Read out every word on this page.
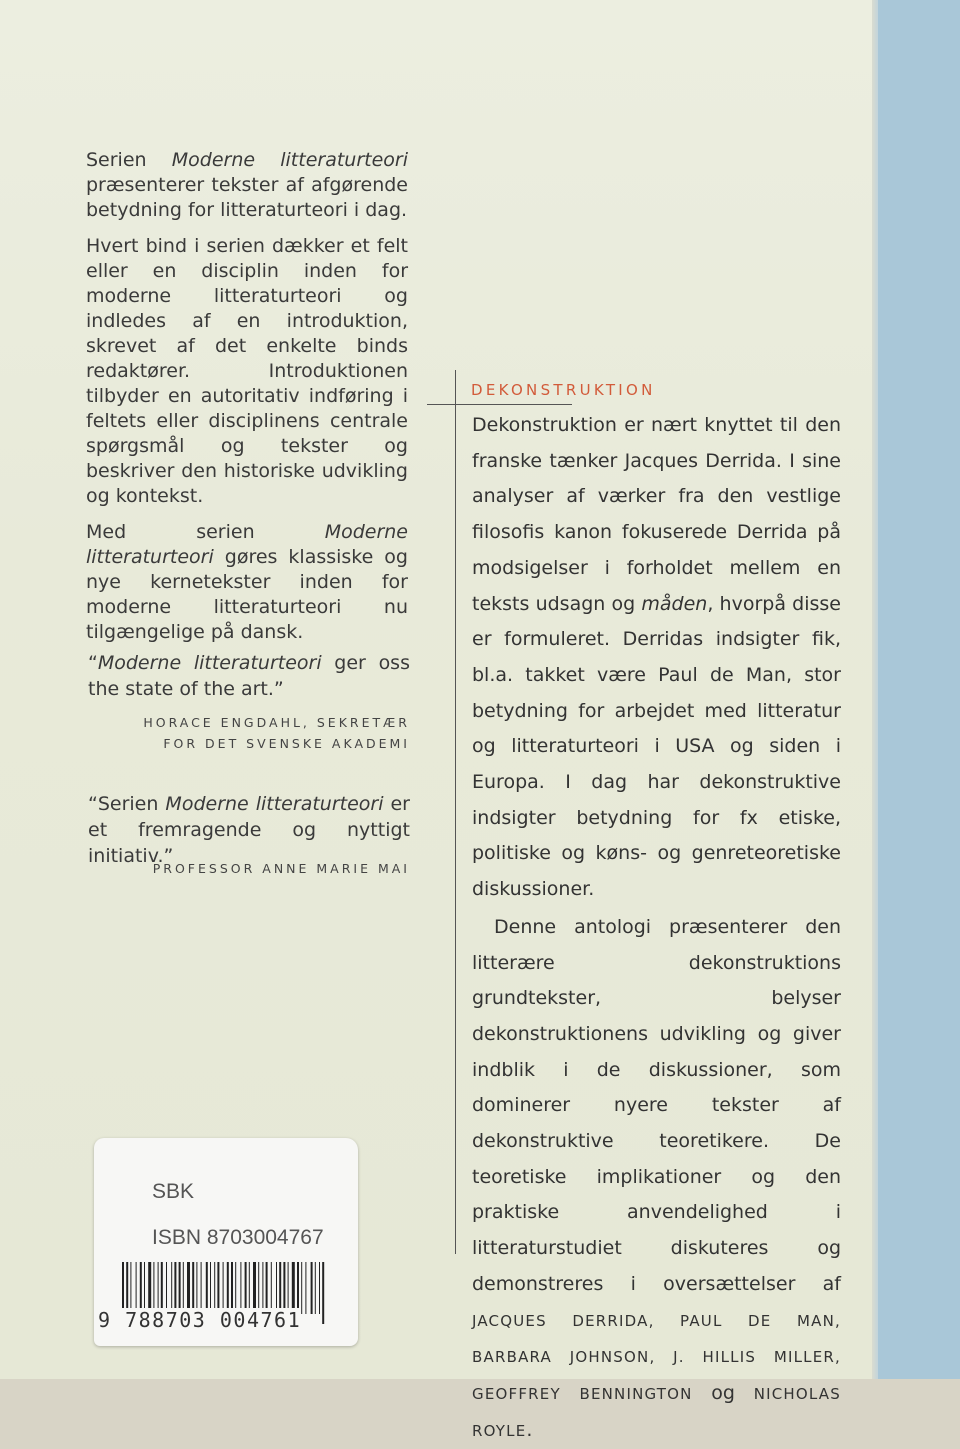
Serien Moderne litteraturteori præsenterer tekster af afgørende betydning for litteraturteori i dag.

Hvert bind i serien dækker et felt eller en disciplin inden for moderne litteraturteori og indledes af en introduktion, skrevet af det enkelte binds redaktører. Introduktionen tilbyder en autoritativ indføring i feltets eller disciplinens centrale spørgsmål og tekster og beskriver den historiske udvikling og kontekst.

Med serien Moderne litteraturteori gøres klassiske og nye kernetekster inden for moderne litteraturteori nu tilgængelige på dansk.

“Moderne litteraturteori ger oss the state of the art.”
HORACE ENGDAHL, SEKRETÆR
FOR DET SVENSKE AKADEMI
“Serien Moderne litteraturteori er et fremragende og nyttigt initiativ.”
PROFESSOR ANNE MARIE MAI
DEKONSTRUKTION

Dekonstruktion er nært knyttet til den franske tænker Jacques Derrida. I sine analyser af værker fra den vestlige filosofis kanon fokuserede Derrida på modsigelser i forholdet mellem en teksts udsagn og måden, hvorpå disse er formuleret. Derridas indsigter fik, bl.a. takket være Paul de Man, stor betydning for arbejdet med litteratur og litteraturteori i USA og siden i Europa. I dag har dekonstruktive indsigter betydning for fx etiske, politiske og køns- og genreteoretiske diskussioner.

Denne antologi præsenterer den litterære dekonstruktions grundtekster, belyser dekonstruktionens udvikling og giver indblik i de diskussioner, som dominerer nyere tekster af dekonstruktive teoretikere. De teoretiske implikationer og den praktiske anvendelighed i litteraturstudiet diskuteres og demonstreres i oversættelser af JACQUES DERRIDA, PAUL DE MAN, BARBARA JOHNSON, J. HILLIS MILLER, GEOFFREY BENNINGTON og NICHOLAS ROYLE.

SBK
ISBN 8703004767
9 788703 004761
